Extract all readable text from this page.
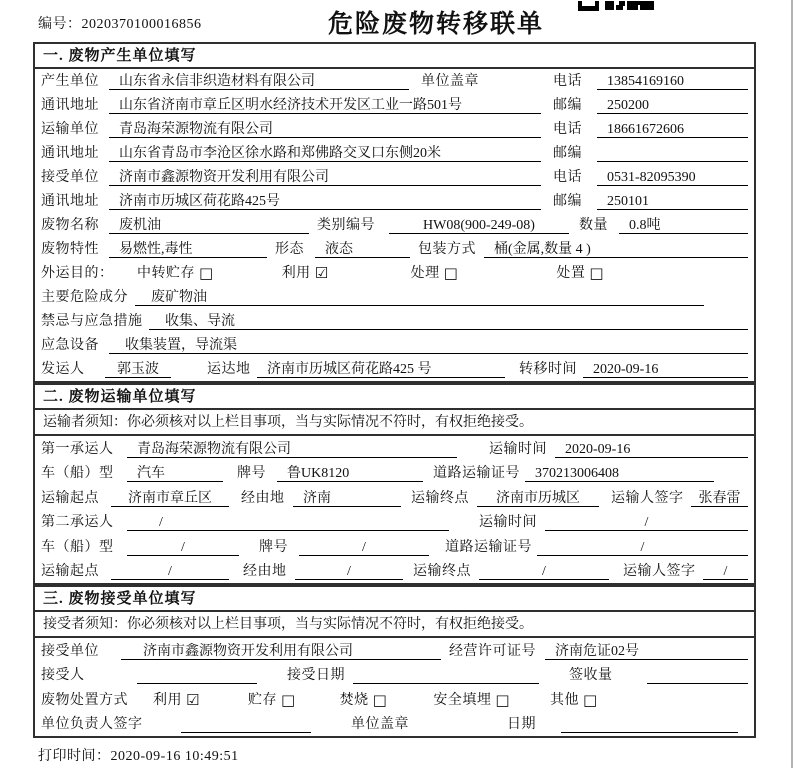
编号：2020370100016856	危险废物转移联单
一. 废物产生单位填写
产生单位	山东省永信非织造材料有限公司	单位盖章	电话	13854169160
通讯地址	山东省济南市章丘区明水经济技术开发区工业一路501号	邮编	250200
运输单位	青岛海荣源物流有限公司	电话	18661672606
通讯地址	山东省青岛市李沧区徐水路和郑佛路交叉口东侧20米	邮编
接受单位	济南市鑫源物资开发利用有限公司	电话	0531-82095390
通讯地址	济南市历城区荷花路425号	邮编	250101
废物名称	废机油	类别编号	HW08(900-249-08)	数量	0.8吨
废物特性	易燃性,毒性	形态	液态	包装方式	桶(金属,数量 4 )
外运目的：	中转贮存 □	利用 ☑	处理 □	处置 □
主要危险成分	废矿物油
禁忌与应急措施	收集、导流
应急设备	收集装置，导流渠
发运人	郭玉波	运达地	济南市历城区荷花路425 号	转移时间	2020-09-16
二. 废物运输单位填写
运输者须知：你必须核对以上栏目事项，当与实际情况不符时，有权拒绝接受。
第一承运人	青岛海荣源物流有限公司	运输时间	2020-09-16
车（船）型	汽车	牌号	鲁UK8120	道路运输证号	370213006408
运输起点	济南市章丘区	经由地	济南	运输终点	济南市历城区	运输人签字	张春雷
第二承运人	/	运输时间	/
车（船）型	/	牌号	/	道路运输证号	/
运输起点	/	经由地	/	运输终点	/	运输人签字	/
三. 废物接受单位填写
接受者须知：你必须核对以上栏目事项，当与实际情况不符时，有权拒绝接受。
接受单位	济南市鑫源物资开发利用有限公司	经营许可证号	济南危证02号
接受人	接受日期	签收量
废物处置方式	利用 ☑	贮存 □	焚烧 □	安全填埋 □	其他 □
单位负责人签字	单位盖章	日期
打印时间：2020-09-16 10:49:51
